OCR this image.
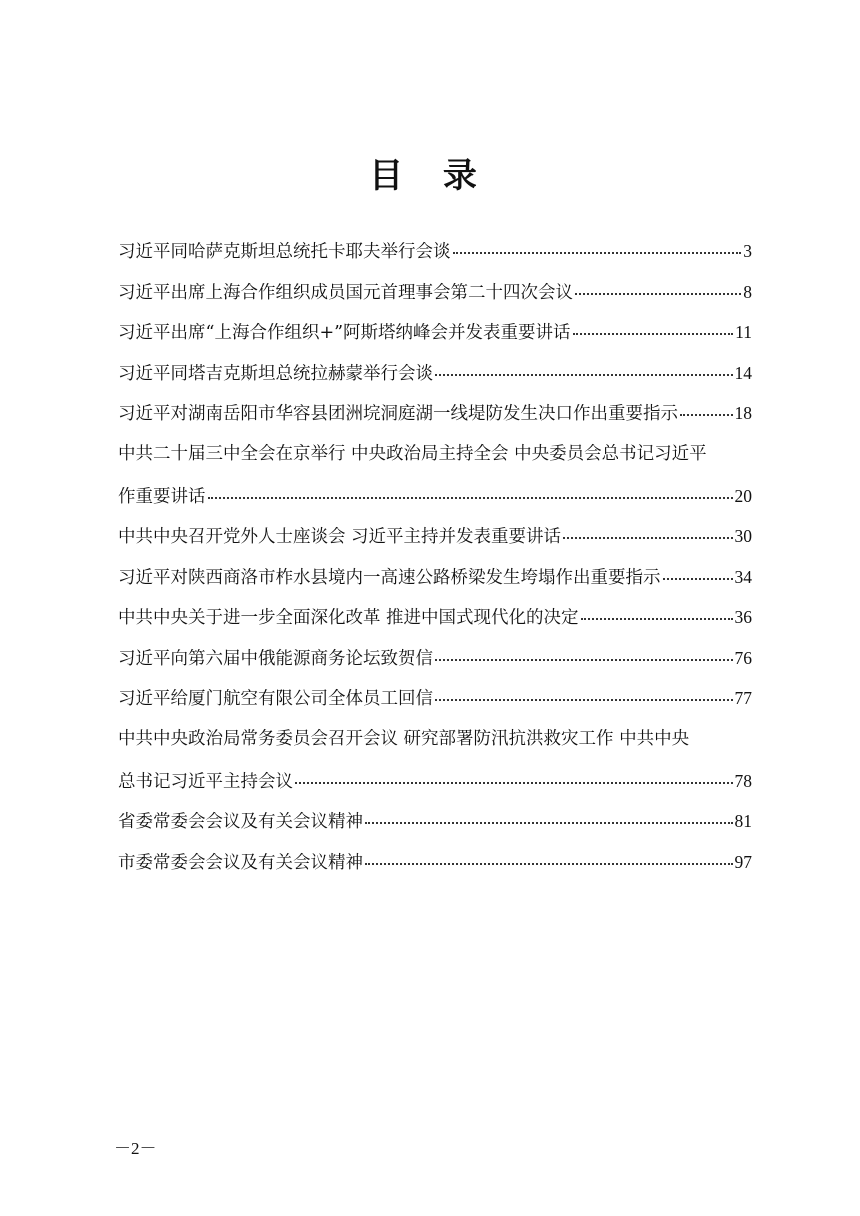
目 录
习近平同哈萨克斯坦总统托卡耶夫举行会谈	3
习近平出席上海合作组织成员国元首理事会第二十四次会议	8
习近平出席“上海合作组织+”阿斯塔纳峰会并发表重要讲话	11
习近平同塔吉克斯坦总统拉赫蒙举行会谈	14
习近平对湖南岳阳市华容县团洲垸洞庭湖一线堤防发生决口作出重要指示	18
中共二十届三中全会在京举行 中央政治局主持全会 中央委员会总书记习近平
作重要讲话	20
中共中央召开党外人士座谈会 习近平主持并发表重要讲话	30
习近平对陕西商洛市柞水县境内一高速公路桥梁发生垮塌作出重要指示	34
中共中央关于进一步全面深化改革 推进中国式现代化的决定	36
习近平向第六届中俄能源商务论坛致贺信	76
习近平给厦门航空有限公司全体员工回信	77
中共中央政治局常务委员会召开会议 研究部署防汛抗洪救灾工作 中共中央
总书记习近平主持会议	78
省委常委会会议及有关会议精神	81
市委常委会会议及有关会议精神	97
－2－
